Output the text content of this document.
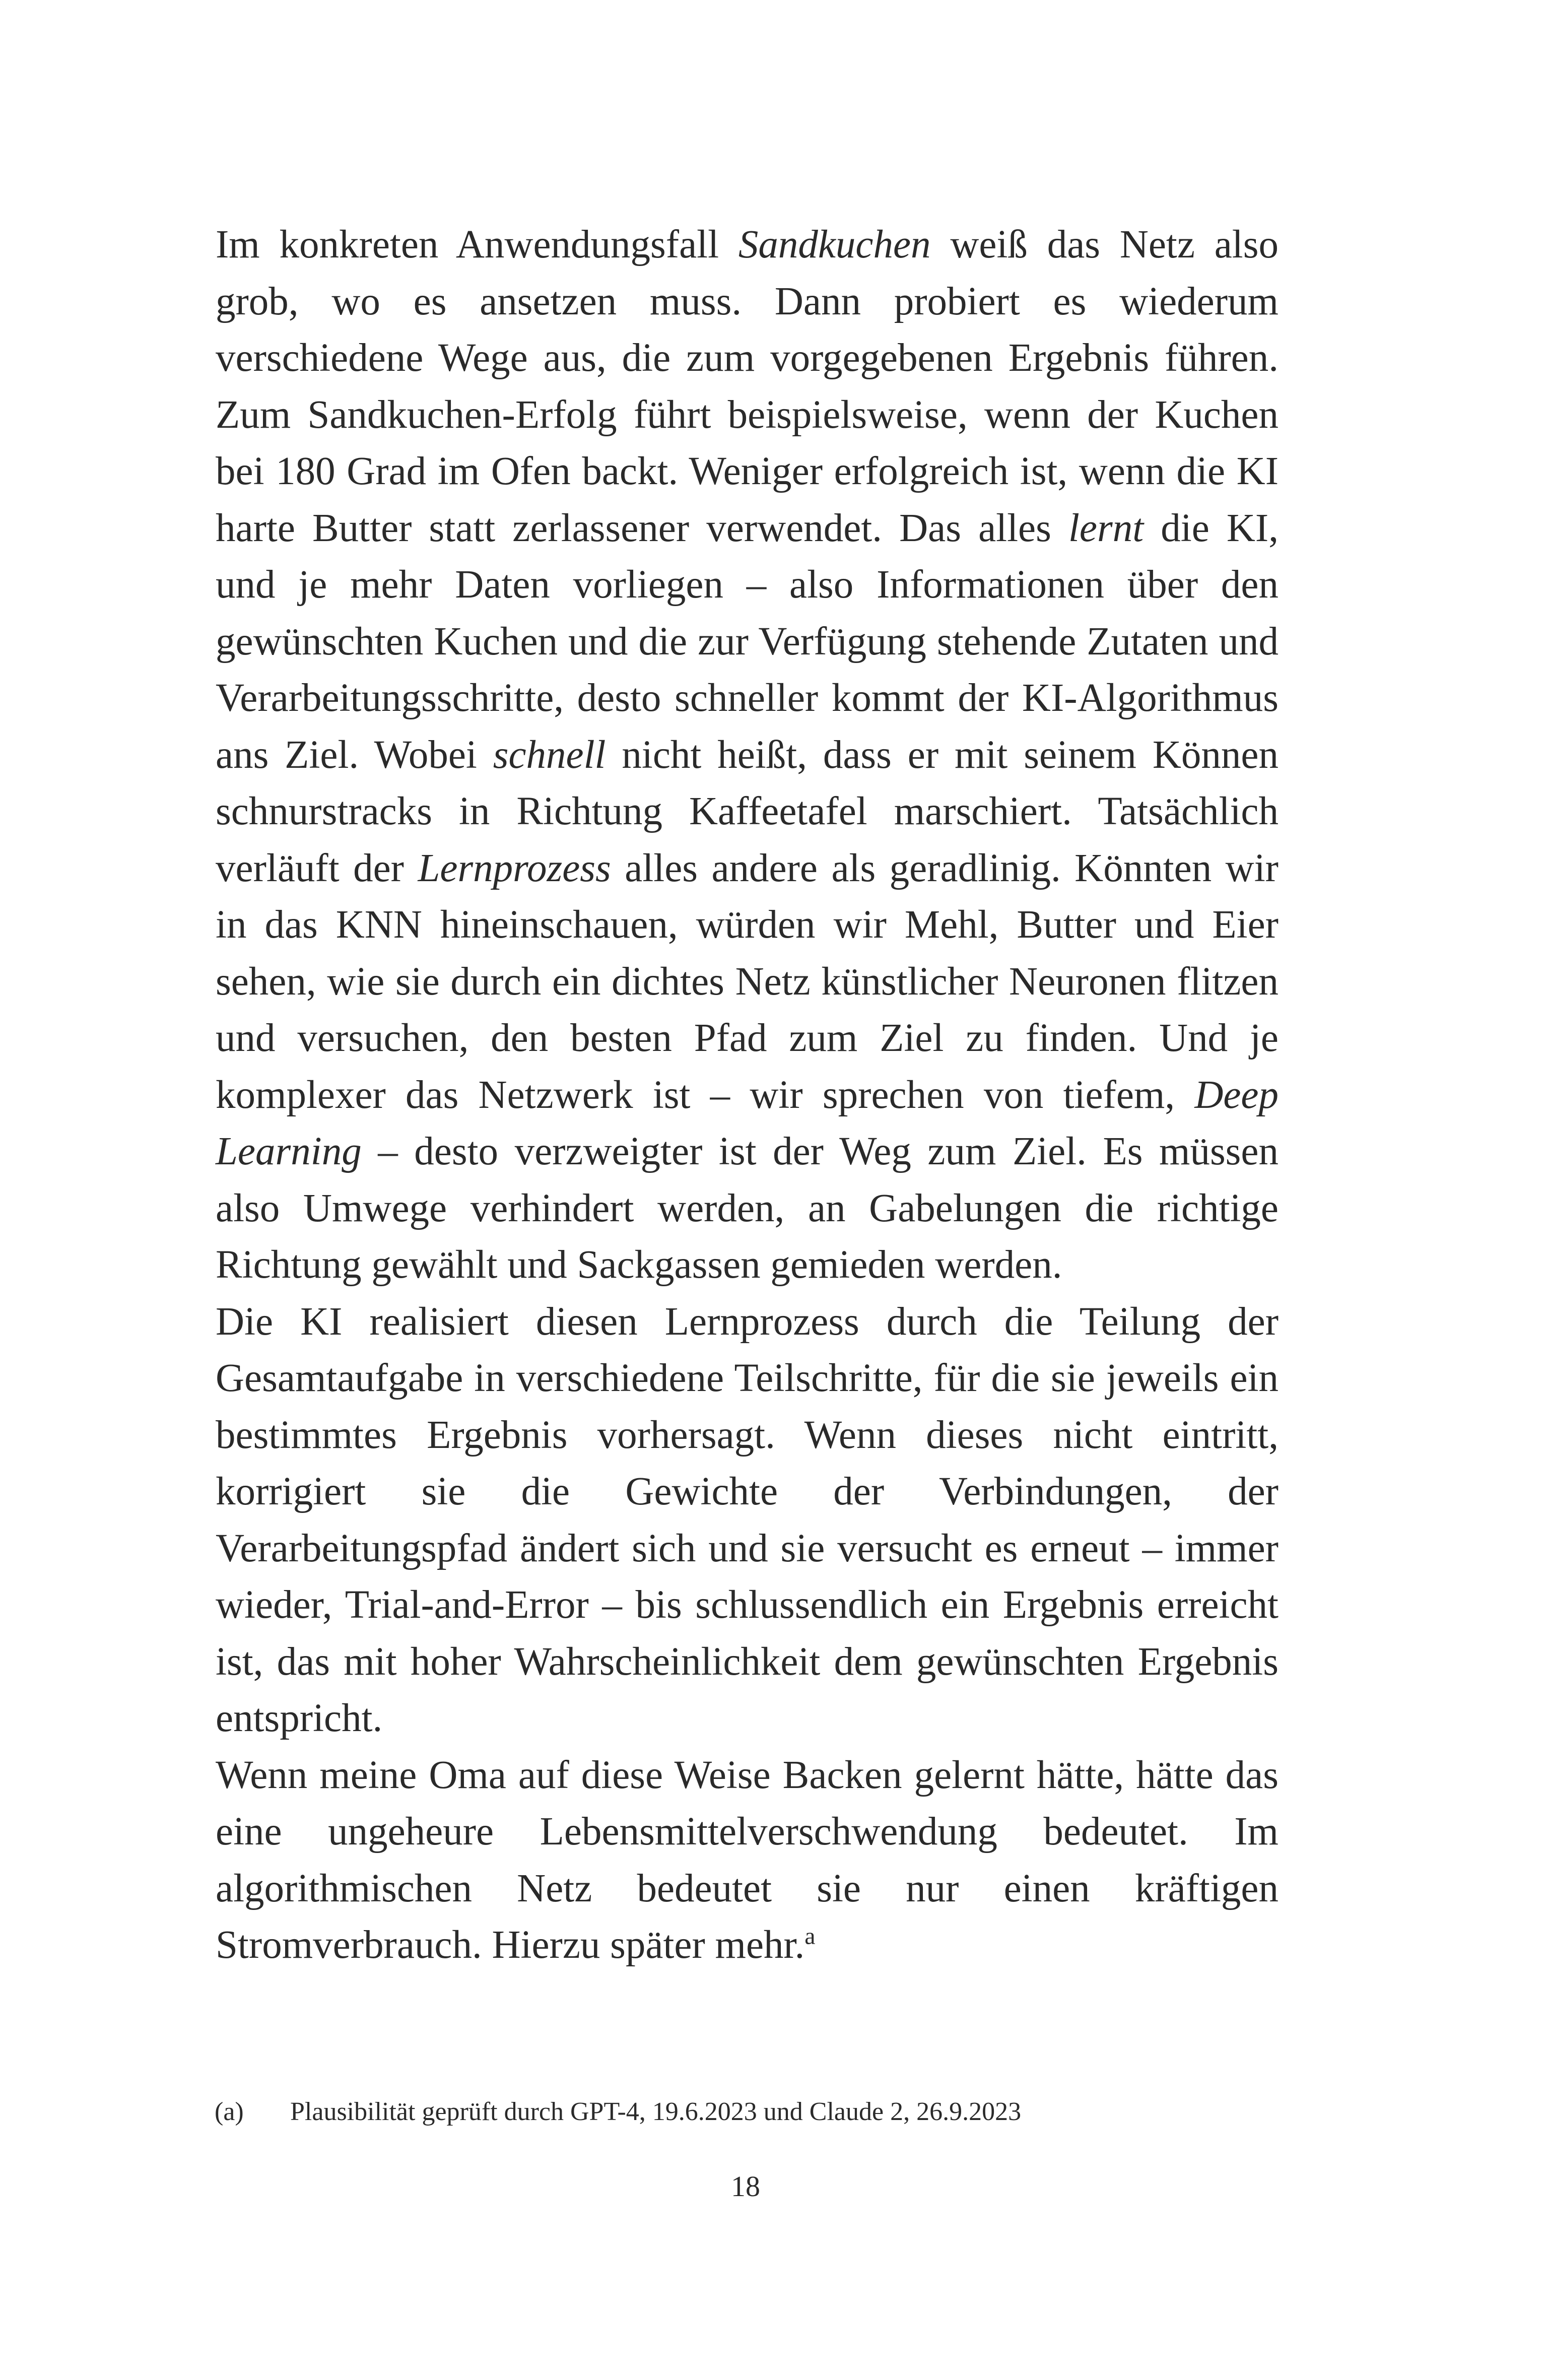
Im konkreten Anwendungsfall Sandkuchen weiß das Netz also grob, wo es ansetzen muss. Dann probiert es wiederum verschiedene Wege aus, die zum vorgegebenen Ergebnis führen. Zum Sandkuchen-Erfolg führt beispielsweise, wenn der Kuchen bei 180 Grad im Ofen backt. Weniger erfolgreich ist, wenn die KI harte Butter statt zerlassener verwendet. Das alles lernt die KI, und je mehr Daten vorliegen – also Informationen über den gewünschten Kuchen und die zur Verfügung stehende Zutaten und Verarbeitungsschritte, desto schneller kommt der KI-Algorithmus ans Ziel. Wobei schnell nicht heißt, dass er mit seinem Können schnurstracks in Richtung Kaffeetafel marschiert. Tatsächlich verläuft der Lernprozess alles andere als geradlinig. Könnten wir in das KNN hineinschauen, würden wir Mehl, Butter und Eier sehen, wie sie durch ein dichtes Netz künstlicher Neuronen flitzen und versuchen, den besten Pfad zum Ziel zu finden. Und je komplexer das Netzwerk ist – wir sprechen von tiefem, Deep Learning – desto verzweigter ist der Weg zum Ziel. Es müssen also Umwege verhindert werden, an Gabelungen die richtige Richtung gewählt und Sackgassen gemieden werden.

Die KI realisiert diesen Lernprozess durch die Teilung der Gesamtaufgabe in verschiedene Teilschritte, für die sie jeweils ein bestimmtes Ergebnis vorhersagt. Wenn dieses nicht eintritt, korrigiert sie die Gewichte der Verbindungen, der Verarbeitungspfad ändert sich und sie versucht es erneut – immer wieder, Trial-and-Error – bis schlussendlich ein Ergebnis erreicht ist, das mit hoher Wahrscheinlichkeit dem gewünschten Ergebnis entspricht.

Wenn meine Oma auf diese Weise Backen gelernt hätte, hätte das eine ungeheure Lebensmittelverschwendung bedeutet. Im algorithmischen Netz bedeutet sie nur einen kräftigen Stromverbrauch. Hierzu später mehr.$^a$

(a)	Plausibilität geprüft durch GPT-4, 19.6.2023 und Claude 2, 26.9.2023
18
